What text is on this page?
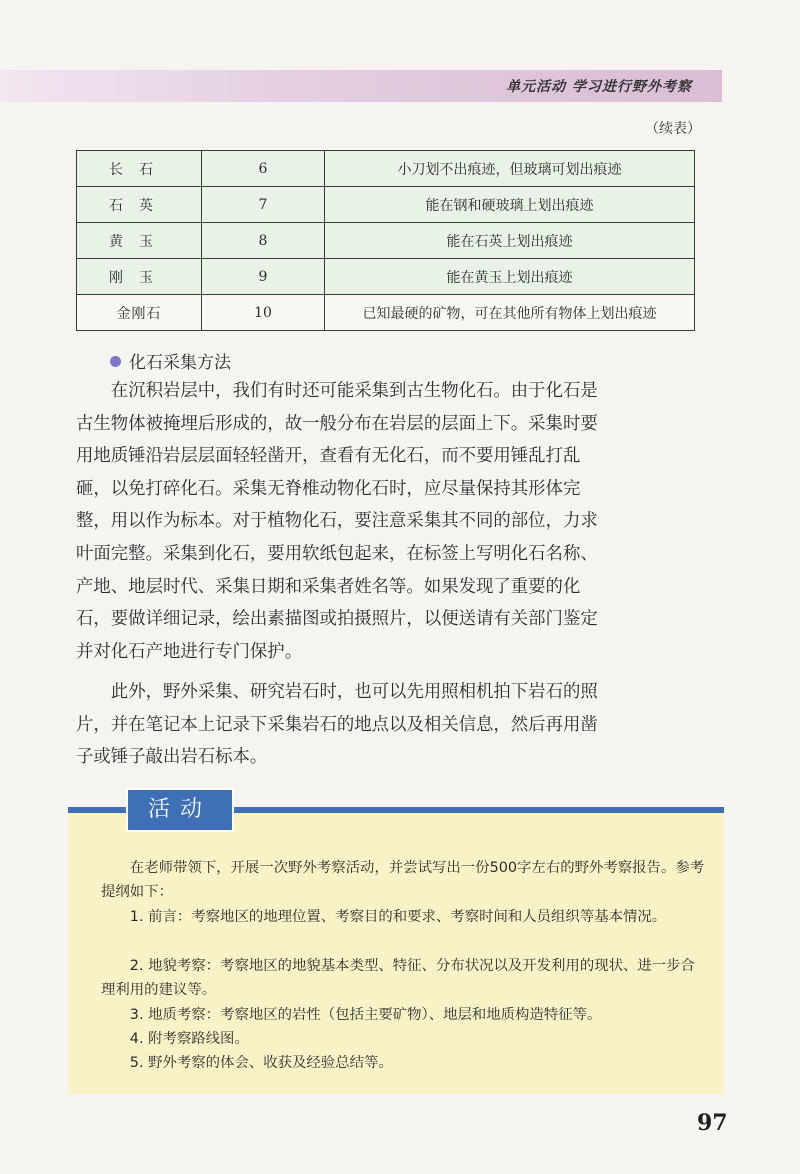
单元活动 学习进行野外考察
（续表）
长石	6	小刀划不出痕迹，但玻璃可划出痕迹
石英	7	能在钢和硬玻璃上划出痕迹
黄玉	8	能在石英上划出痕迹
刚玉	9	能在黄玉上划出痕迹
金刚石	10	已知最硬的矿物，可在其他所有物体上划出痕迹
化石采集方法

在沉积岩层中，我们有时还可能采集到古生物化石。由于化石是古生物体被掩埋后形成的，故一般分布在岩层的层面上下。采集时要用地质锤沿岩层层面轻轻凿开，查看有无化石，而不要用锤乱打乱砸，以免打碎化石。采集无脊椎动物化石时，应尽量保持其形体完整，用以作为标本。对于植物化石，要注意采集其不同的部位，力求叶面完整。采集到化石，要用软纸包起来，在标签上写明化石名称、产地、地层时代、采集日期和采集者姓名等。如果发现了重要的化石，要做详细记录，绘出素描图或拍摄照片，以便送请有关部门鉴定并对化石产地进行专门保护。

此外，野外采集、研究岩石时，也可以先用照相机拍下岩石的照片，并在笔记本上记录下采集岩石的地点以及相关信息，然后再用凿子或锤子敲出岩石标本。

活动

在老师带领下，开展一次野外考察活动，并尝试写出一份500字左右的野外考察报告。参考提纲如下：

1. 前言：考察地区的地理位置、考察目的和要求、考察时间和人员组织等基本情况。

2. 地貌考察：考察地区的地貌基本类型、特征、分布状况以及开发利用的现状、进一步合理利用的建议等。

3. 地质考察：考察地区的岩性（包括主要矿物）、地层和地质构造特征等。

4. 附考察路线图。

5. 野外考察的体会、收获及经验总结等。

97
